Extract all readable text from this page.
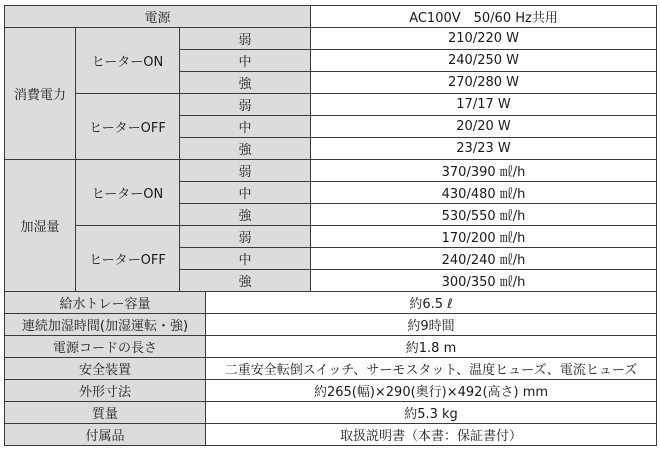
電源				AC100V　50/60 Hz共用
消費電力	ヒーターON	弱		210/220 W
		中		240/250 W
		強		270/280 W
	ヒーターOFF	弱		17/17 W
		中		20/20 W
		強		23/23 W
加湿量	ヒーターON	弱		370/390 ㎖/h
		中		430/480 ㎖/h
		強		530/550 ㎖/h
	ヒーターOFF	弱		170/200 ㎖/h
		中		240/240 ㎖/h
		強		300/350 ㎖/h
給水トレー容量			約6.5 ℓ	
連続加湿時間(加湿運転・強)			約9時間	
電源コードの長さ			約1.8 m	
安全装置			二重安全転倒スイッチ、サーモスタット、温度ヒューズ、電流ヒューズ	
外形寸法			約265(幅)×290(奥行)×492(高さ) mm	
質量			約5.3 kg	
付属品			取扱説明書（本書：保証書付）	
